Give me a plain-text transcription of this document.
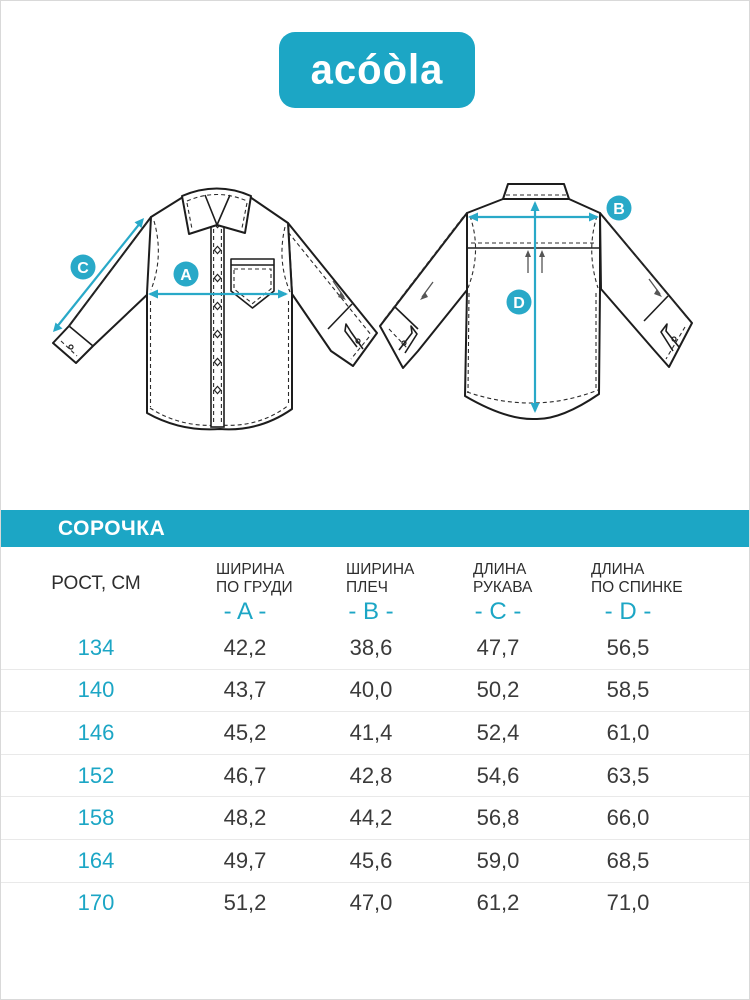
acóòla
A
C
B
D
СОРОЧКА
РОСТ, СМ
ШИРИНА
ПО ГРУДИ
ШИРИНА
ПЛЕЧ
ДЛИНА
РУКАВА
ДЛИНА
ПО СПИНКЕ
- A -	- B -	- C -	- D -
134	42,2	38,6	47,7	56,5
140	43,7	40,0	50,2	58,5
146	45,2	41,4	52,4	61,0
152	46,7	42,8	54,6	63,5
158	48,2	44,2	56,8	66,0
164	49,7	45,6	59,0	68,5
170	51,2	47,0	61,2	71,0
